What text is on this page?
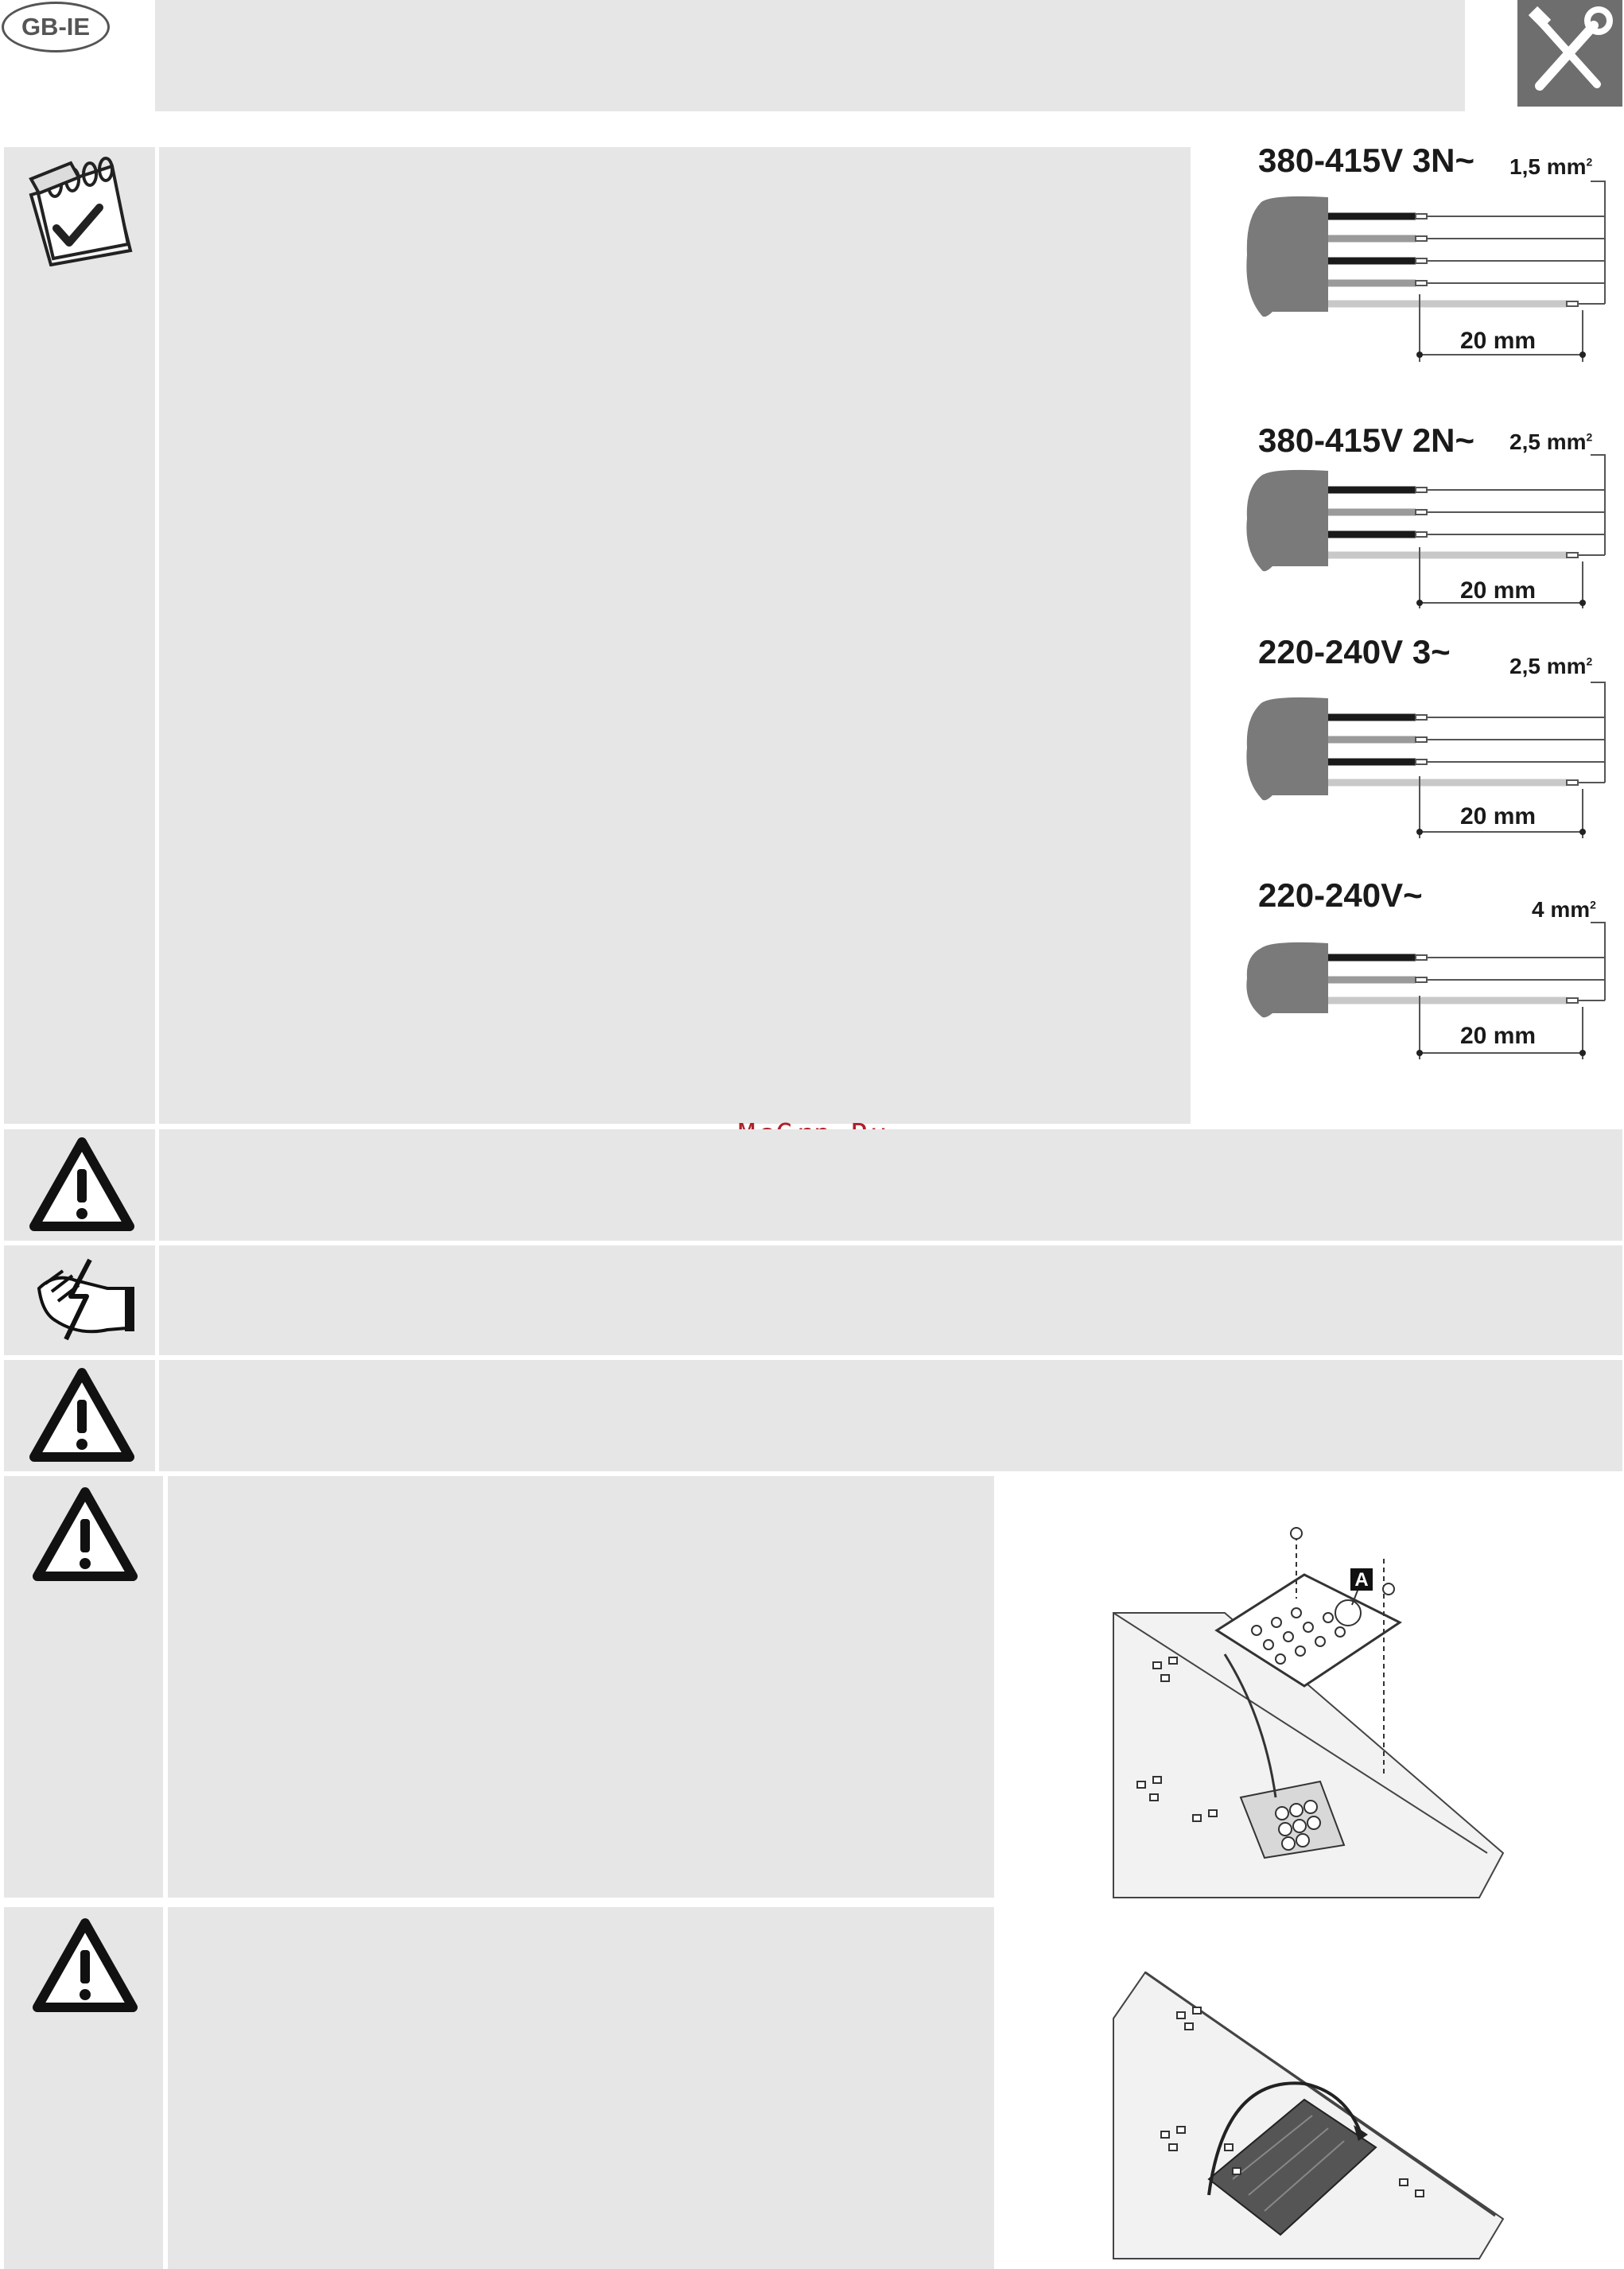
GB-IE
380-415V 3N~ 1,5 $mm^2$
20 mm
380-415V 2N~ 2,5 $mm^2$
20 mm
220-240V 3~	2,5 $mm^2$
20 mm
220-240V~	4 $mm^2$
20 mm
A
